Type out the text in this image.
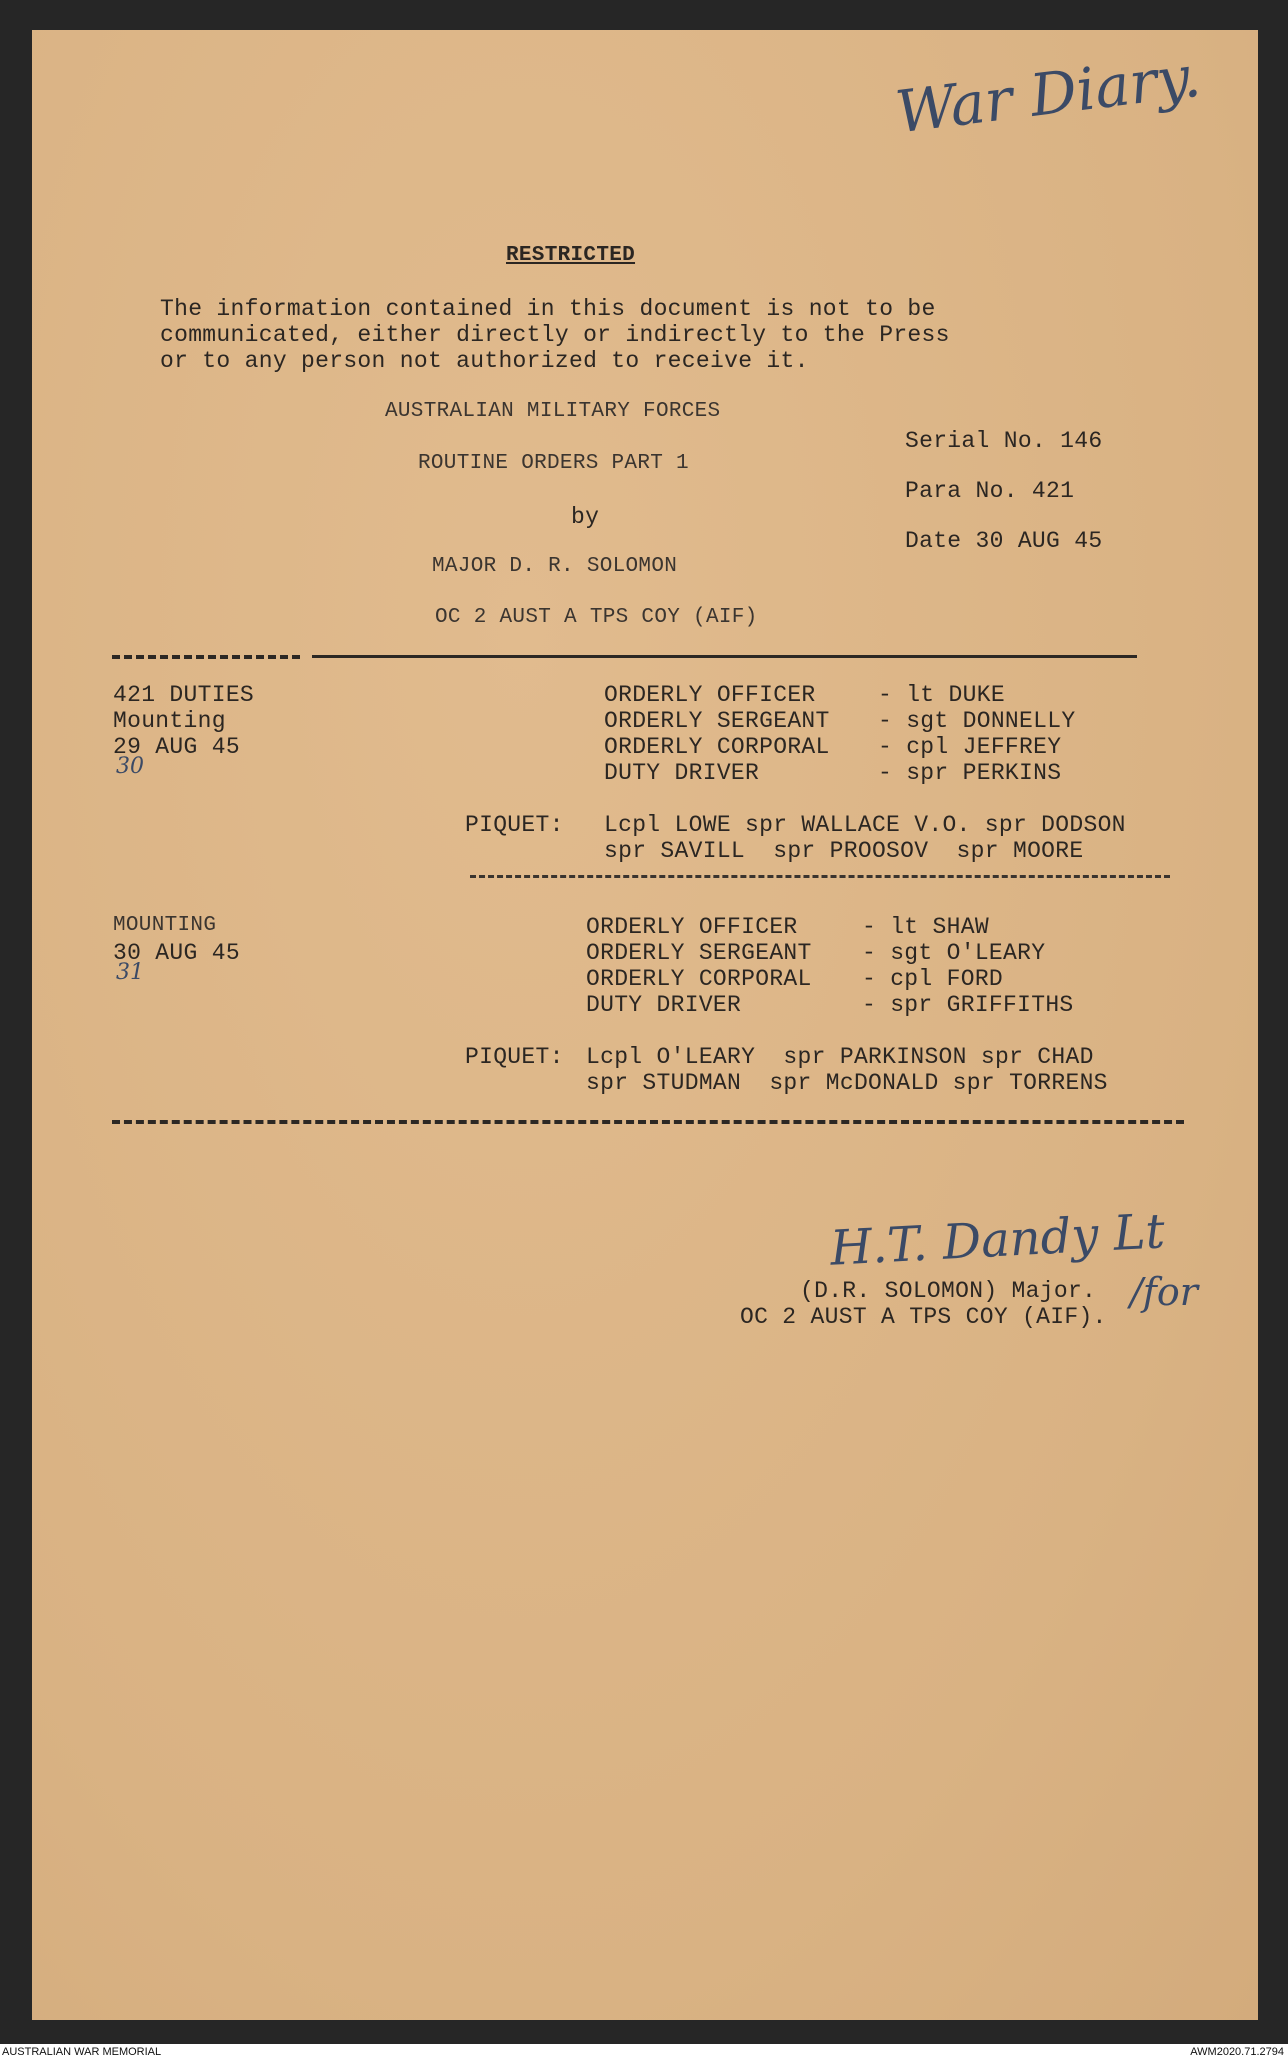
War Diary.
RESTRICTED
The information contained in this document is not to be
communicated, either directly or indirectly to the Press
or to any person not authorized to receive it.
AUSTRALIAN MILITARY FORCES
ROUTINE ORDERS PART 1
by
MAJOR D. R. SOLOMON
OC 2 AUST A TPS COY (AIF)
Serial No. 146
Para No. 421
Date 30 AUG 45
421 DUTIES
Mounting
29 AUG 45
30
ORDERLY OFFICER	- lt DUKE
ORDERLY SERGEANT - sgt DONNELLY
ORDERLY CORPORAL - cpl JEFFREY
DUTY DRIVER	- spr PERKINS
PIQUET: Lcpl LOWE spr WALLACE V.O. spr DODSON
spr SAVILL  spr PROOSOV  spr MOORE
MOUNTING
30 AUG 45
31
ORDERLY OFFICER	- lt SHAW
ORDERLY SERGEANT - sgt O'LEARY
ORDERLY CORPORAL - cpl FORD
DUTY DRIVER	- spr GRIFFITHS
PIQUET: Lcpl O'LEARY  spr PARKINSON spr CHAD
spr STUDMAN  spr McDONALD spr TORRENS
H.T. Dandy Lt
(D.R. SOLOMON) Major.
OC 2 AUST A TPS COY (AIF).
/for
AUSTRALIAN WAR MEMORIAL	AWM2020.71.2794
